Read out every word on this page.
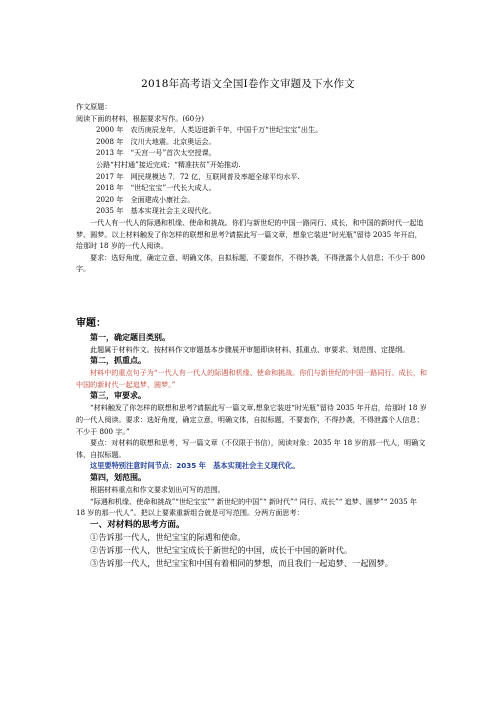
2018年高考语文全国Ⅰ卷作文审题及下水作文
作文原题：
阅读下面的材料，根据要求写作。(60分)
2000 年　农历庚辰龙年，人类迈进新千年，中国千万“世纪宝宝”出生。
2008 年　汶川大地震。北京奥运会。
2013 年　“天宫一号”首次太空授课。
公路“村村通”接近完成；“精准扶贫”开始推动.
2017 年　网民规模达 7．72 亿，互联网普及率超全球平均水平.
2018 年　“世纪宝宝”一代长大成人。
2020 年　全面建成小康社会。
2035 年　基本实现社会主义现代化。
一代人有一代人的际遇和机缘、使命和挑战。你们与新世纪的中国一路同行、成长，和中国的新时代一起追梦、圆梦。以上材料触发了你怎样的联想和思考?请据此写一篇文章，想象它装进“时光瓶”留待 2035 年开启，给那时 18 岁的一代人阅读。
要求：选好角度，确定立意，明确文体，自拟标题，不要套作，不得抄袭，不得泄露个人信息；不少于 800 字。
审题：
第一，确定题目类别。
此题属于材料作文。按材料作文审题基本步骤展开审题即读材料、抓重点、审要求、划范围、定提纲。
第二，抓重点。
材料中的重点句子为“一代人有一代人的际遇和机缘、使命和挑战。你们与新世纪的中国一路同行、成长，和中国的新时代一起追梦、圆梦。”
第三，审要求。
“材料触发了你怎样的联想和思考?请据此写一篇文章,想象它装进“时光瓶”留待 2035 年开启，给那时 18 岁的一代人阅读。要求：选好角度，确定立意，明确文体，自拟标题，不要套作，不得抄袭，不得泄露个人信息；不少于 800 字。”
要点：对材料的联想和思考，写一篇文章（不仅限于书信），阅读对象：2035 年 18 岁的那一代人，明确文体，自拟标题。
这里要特别注意时间节点：2035 年　基本实现社会主义现代化。
第四，划范围。
根据材料重点和作文要求划出可写的范围。
“际遇和机缘、使命和挑战”“世纪宝宝”“ 新世纪的中国”“ 新时代”“ 同行、成长”“ 追梦、圆梦”“ 2035 年 18 岁的那一代人”。把以上要素重新组合就是可写范围。分两方面思考：
一、对材料的思考方面。
①告诉那一代人，世纪宝宝的际遇和使命。
②告诉那一代人，世纪宝宝成长于新世纪的中国，成长于中国的新时代。
③告诉那一代人，世纪宝宝和中国有着相同的梦想，而且我们一起追梦、一起圆梦。
